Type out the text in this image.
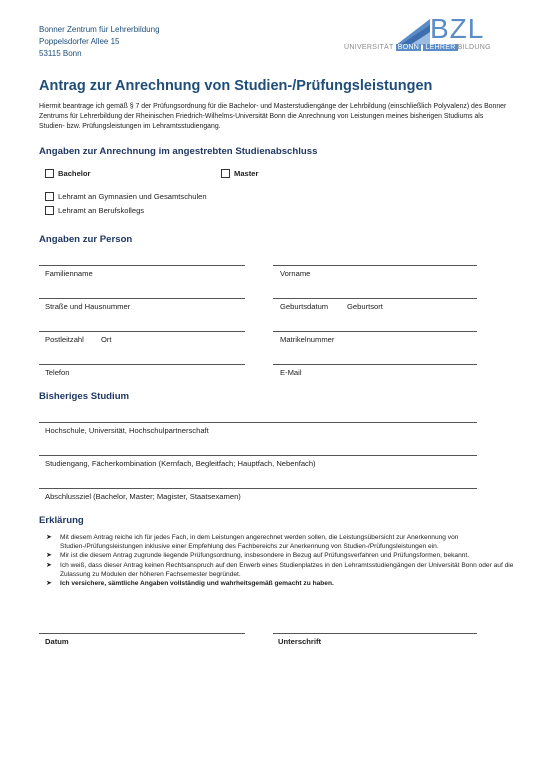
Bonner Zentrum für Lehrerbildung
Poppelsdorfer Allee 15
53115 Bonn
BZL
UNIVERSITÄT BONN LEHRER BILDUNG
Antrag zur Anrechnung von Studien-/Prüfungsleistungen
Hiermit beantrage ich gemäß § 7 der Prüfungsordnung für die Bachelor- und Masterstudiengänge der Lehrbildung (einschließlich Polyvalenz) des Bonner Zentrums für Lehrerbildung der Rheinischen Friedrich-Wilhelms-Universität Bonn die Anrechnung von Leistungen meines bisherigen Studiums als Studien- bzw. Prüfungsleistungen im Lehramtsstudiengang.
Angaben zur Anrechnung im angestrebten Studienabschluss
Bachelor	Master
Lehramt an Gymnasien und Gesamtschulen
Lehramt an Berufskollegs
Angaben zur Person
Familienname	Vorname
Straße und Hausnummer	Geburtsdatum Geburtsort
Postleitzahl Ort	Matrikelnummer
Telefon	E-Mail
Bisheriges Studium
Hochschule, Universität, Hochschulpartnerschaft
Studiengang, Fächerkombination (Kernfach, Begleitfach; Hauptfach, Nebenfach)
Abschlussziel (Bachelor, Master; Magister, Staatsexamen)
Erklärung
➤ Mit diesem Antrag reiche ich für jedes Fach, in dem Leistungen angerechnet werden sollen, die Leistungsübersicht zur Anerkennung von Studien-/Prüfungsleistungen inklusive einer Empfehlung des Fachbereichs zur Anerkennung von Studien-/Prüfungsleistungen ein.
➤ Mir ist die diesem Antrag zugrunde liegende Prüfungsordnung, insbesondere in Bezug auf Prüfungsverfahren und Prüfungsformen, bekannt.
➤ Ich weiß, dass dieser Antrag keinen Rechtsanspruch auf den Erwerb eines Studienplatzes in den Lehramtsstudiengängen der Universität Bonn oder auf die Zulassung zu Modulen der höheren Fachsemester begründet.
➤ Ich versichere, sämtliche Angaben vollständig und wahrheitsgemäß gemacht zu haben.
Datum	Unterschrift
